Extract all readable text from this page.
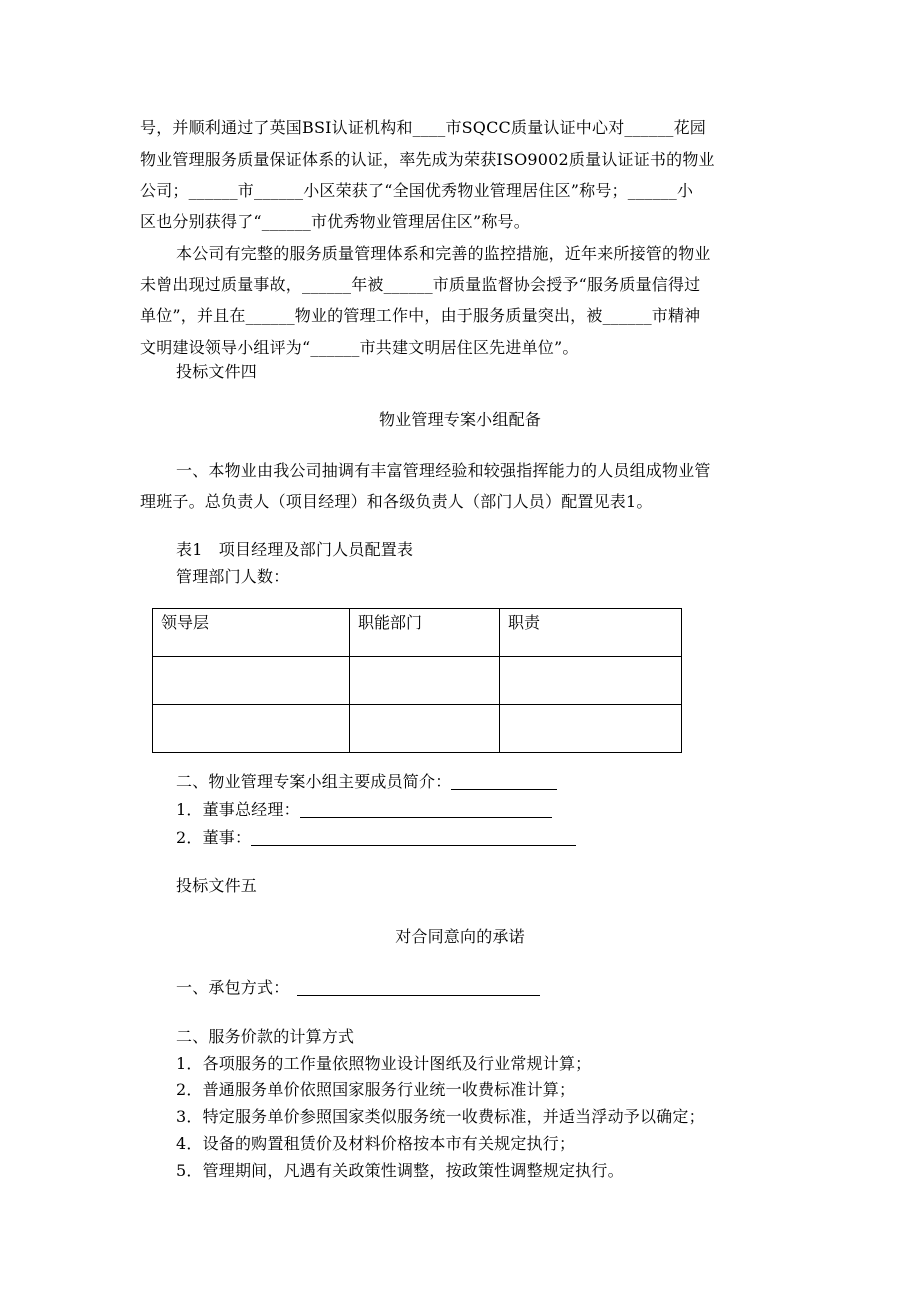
号，并顺利通过了英国BSI认证机构和____市SQCC质量认证中心对______花园
物业管理服务质量保证体系的认证，率先成为荣获ISO9002质量认证证书的物业
公司；______市______小区荣获了“全国优秀物业管理居住区”称号；______小
区也分别获得了“______市优秀物业管理居住区”称号。
本公司有完整的服务质量管理体系和完善的监控措施，近年来所接管的物业
未曾出现过质量事故，______年被______市质量监督协会授予“服务质量信得过
单位”，并且在______物业的管理工作中，由于服务质量突出，被______市精神
文明建设领导小组评为“______市共建文明居住区先进单位”。
投标文件四
物业管理专案小组配备
一、本物业由我公司抽调有丰富管理经验和较强指挥能力的人员组成物业管
理班子。总负责人（项目经理）和各级负责人（部门人员）配置见表1。
表1　项目经理及部门人员配置表
管理部门人数：
领导层	职能部门	职责

二、物业管理专案小组主要成员简介：
1．董事总经理：
2．董事：
投标文件五
对合同意向的承诺
一、承包方式：
二、服务价款的计算方式
1．各项服务的工作量依照物业设计图纸及行业常规计算；
2．普通服务单价依照国家服务行业统一收费标准计算；
3．特定服务单价参照国家类似服务统一收费标准，并适当浮动予以确定；
4．设备的购置租赁价及材料价格按本市有关规定执行；
5．管理期间，凡遇有关政策性调整，按政策性调整规定执行。
